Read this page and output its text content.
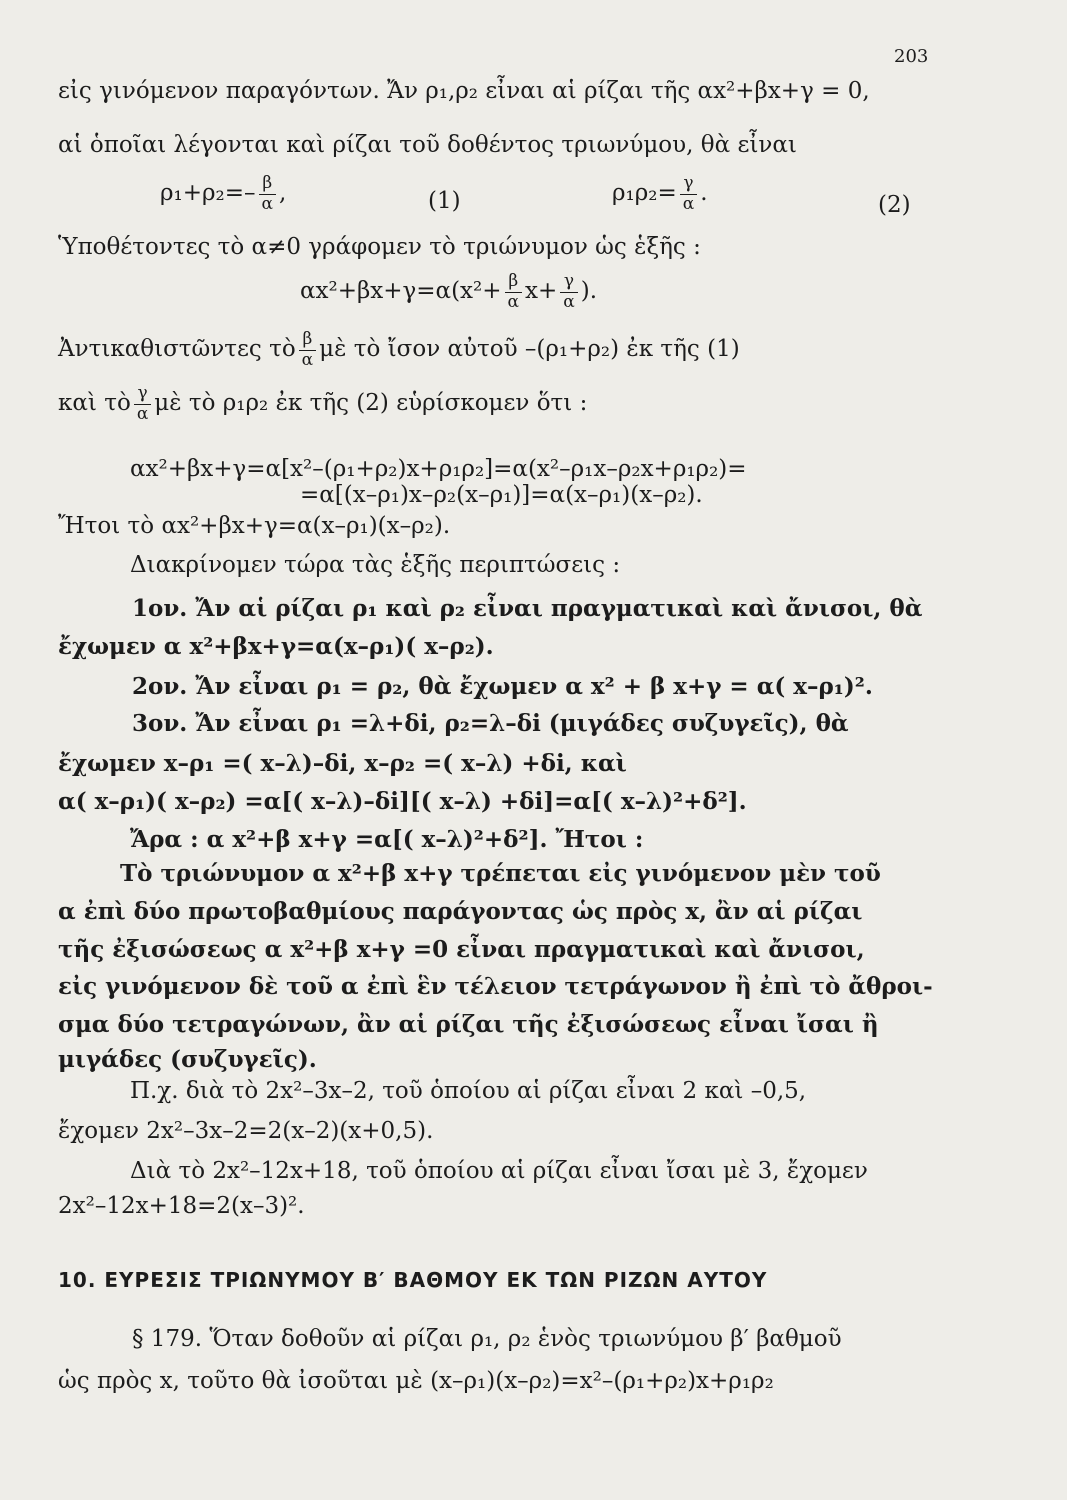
203
εἰς γινόμενον παραγόντων. Ἄν ρ₁,ρ₂ εἶναι αἱ ρίζαι τῆς αx²+βx+γ = 0,
αἱ ὁποῖαι λέγονται καὶ ρίζαι τοῦ δοθέντος τριωνύμου, θὰ εἶναι
$\rho_1+\rho_2=- \frac{\beta}{\alpha}$ ,	(1)	$\rho_1\rho_2= \frac{\gamma}{\alpha}$ .	(2)
Ὑποθέτοντες τὸ α≠0 γράφομεν τὸ τριώνυμον ὡς ἑξῆς :
$\alpha x^2+\beta x+\gamma=\alpha(x^2+ \frac{\beta}{\alpha} x+ \frac{\gamma}{\alpha}$ ).
Ἀντικαθιστῶντες τὸ $\frac{\beta}{\alpha}$ μὲ τὸ ἴσον αὐτοῦ –(ρ₁+ρ₂) ἐκ τῆς (1)
καὶ τὸ $\frac{\gamma}{\alpha}$ μὲ τὸ ρ₁ρ₂ ἐκ τῆς (2) εὑρίσκομεν ὅτι :
αx²+βx+γ=α[x²–(ρ₁+ρ₂)x+ρ₁ρ₂]=α(x²–ρ₁x–ρ₂x+ρ₁ρ₂)=
=α[(x–ρ₁)x–ρ₂(x–ρ₁)]=α(x–ρ₁)(x–ρ₂).
Ἤτοι τὸ αx²+βx+γ=α(x–ρ₁)(x–ρ₂).
Διακρίνομεν τώρα τὰς ἑξῆς περιπτώσεις :
1ον. Ἄν αἱ ρίζαι ρ₁ καὶ ρ₂ εἶναι πραγματικαὶ καὶ ἄνισοι, θὰ
ἔχωμεν α x²+βx+γ=α(x–ρ₁)( x–ρ₂).
2ον. Ἄν εἶναι ρ₁ = ρ₂, θὰ ἔχωμεν α x² + β x+γ = α( x–ρ₁)².
3ον. Ἄν εἶναι ρ₁ =λ+δi, ρ₂=λ–δi (μιγάδες συζυγεῖς), θὰ
ἔχωμεν x–ρ₁ =( x–λ)–δi, x–ρ₂ =( x–λ) +δi, καὶ
α( x–ρ₁)( x–ρ₂) =α[( x–λ)–δi][( x–λ) +δi]=α[( x–λ)²+δ²].
Ἄρα : α x²+β x+γ =α[( x–λ)²+δ²]. Ἤτοι :
Τὸ τριώνυμον α x²+β x+γ τρέπεται εἰς γινόμενον μὲν τοῦ
α ἐπὶ δύο πρωτοβαθμίους παράγοντας ὡς πρὸς x, ἂν αἱ ρίζαι
τῆς ἐξισώσεως α x²+β x+γ =0 εἶναι πραγματικαὶ καὶ ἄνισοι,
εἰς γινόμενον δὲ τοῦ α ἐπὶ ἓν τέλειον τετράγωνον ἢ ἐπὶ τὸ ἄθροι-
σμα δύο τετραγώνων, ἂν αἱ ρίζαι τῆς ἐξισώσεως εἶναι ἴσαι ἢ
μιγάδες (συζυγεῖς).
Π.χ. διὰ τὸ 2x²–3x–2, τοῦ ὁποίου αἱ ρίζαι εἶναι 2 καὶ –0,5,
ἔχομεν 2x²–3x–2=2(x–2)(x+0,5).
Διὰ τὸ 2x²–12x+18, τοῦ ὁποίου αἱ ρίζαι εἶναι ἴσαι μὲ 3, ἔχομεν
2x²–12x+18=2(x–3)².
10. ΕΥΡΕΣΙΣ ΤΡΙΩΝΥΜΟΥ Β′ ΒΑΘΜΟΥ ΕΚ ΤΩΝ ΡΙΖΩΝ ΑΥΤΟΥ
§ 179. Ὅταν δοθοῦν αἱ ρίζαι ρ₁, ρ₂ ἑνὸς τριωνύμου β′ βαθμοῦ
ὡς πρὸς x, τοῦτο θὰ ἰσοῦται μὲ (x–ρ₁)(x–ρ₂)=x²–(ρ₁+ρ₂)x+ρ₁ρ₂
